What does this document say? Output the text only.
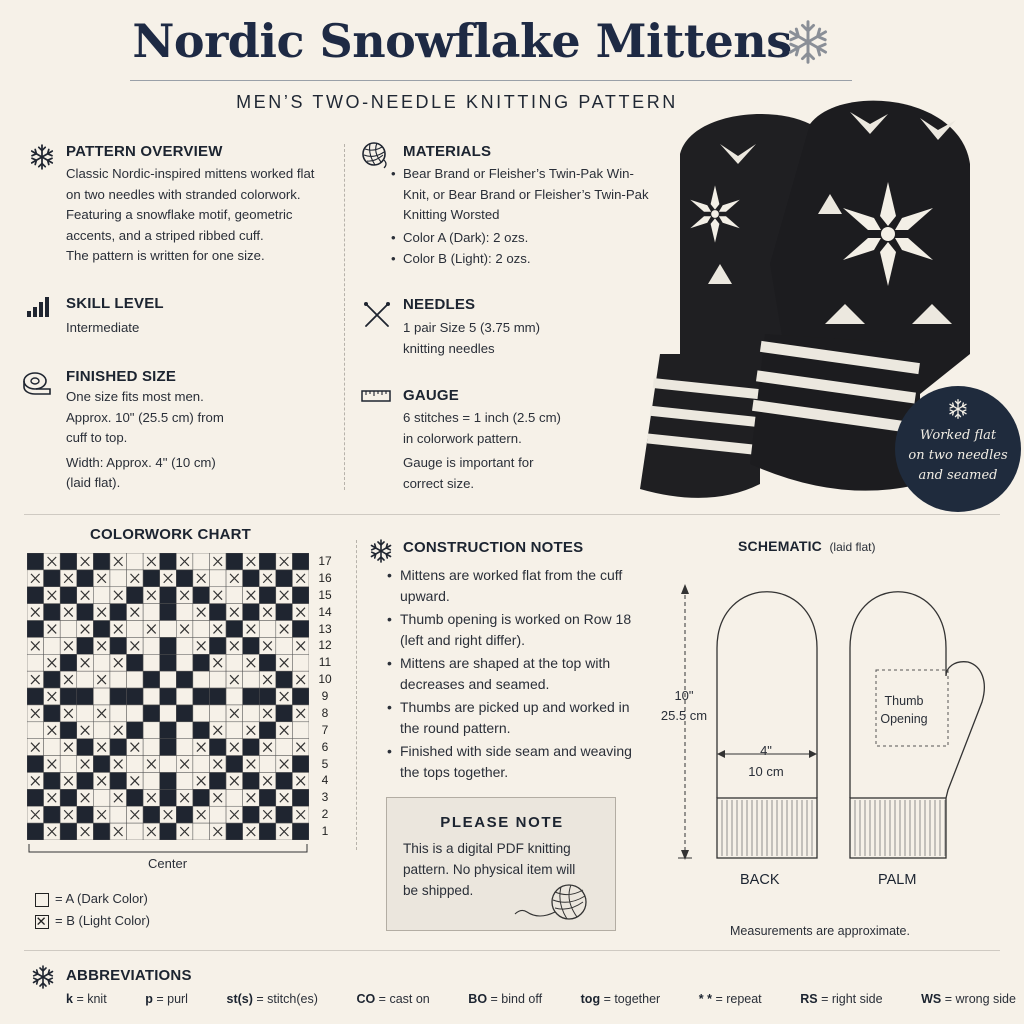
Nordic Snowflake Mittens
MEN’S TWO-NEEDLE KNITTING PATTERN
PATTERN OVERVIEW
Classic Nordic-inspired mittens worked flat
on two needles with stranded colorwork.
Featuring a snowflake motif, geometric
accents, and a striped ribbed cuff.
The pattern is written for one size.
SKILL LEVEL
Intermediate
FINISHED SIZE
One size fits most men.
Approx. 10" (25.5 cm) from
cuff to top.
Width: Approx. 4" (10 cm)
(laid flat).
MATERIALS
• Bear Brand or Fleisher’s Twin-Pak Win-Knit, or Bear Brand or Fleisher’s Twin-Pak Knitting Worsted
• Color A (Dark): 2 ozs.
• Color B (Light): 2 ozs.
NEEDLES
1 pair Size 5 (3.75 mm)
knitting needles
GAUGE
6 stitches = 1 inch (2.5 cm)
in colorwork pattern.
Gauge is important for
correct size.
Worked flat
on two needles
and seamed
COLORWORK CHART
17
16
15
14
13
12
11
10
9
8
7
6
5
4
3
2
1
Center
= A (Dark Color)
= B (Light Color)
CONSTRUCTION NOTES
• Mittens are worked flat from the cuff upward.
• Thumb opening is worked on Row 18 (left and right differ).
• Mittens are shaped at the top with decreases and seamed.
• Thumbs are picked up and worked in the round pattern.
• Finished with side seam and weaving the tops together.
PLEASE NOTE
This is a digital PDF knitting
pattern. No physical item will
be shipped.
SCHEMATIC (laid flat)
10"
25.5 cm
4"
10 cm
Thumb
Opening
BACK	PALM
Measurements are approximate.
ABBREVIATIONS
k = knit	p = purl	st(s) = stitch(es)	CO = cast on	BO = bind off	tog = together	* * = repeat	RS = right side	WS = wrong side
